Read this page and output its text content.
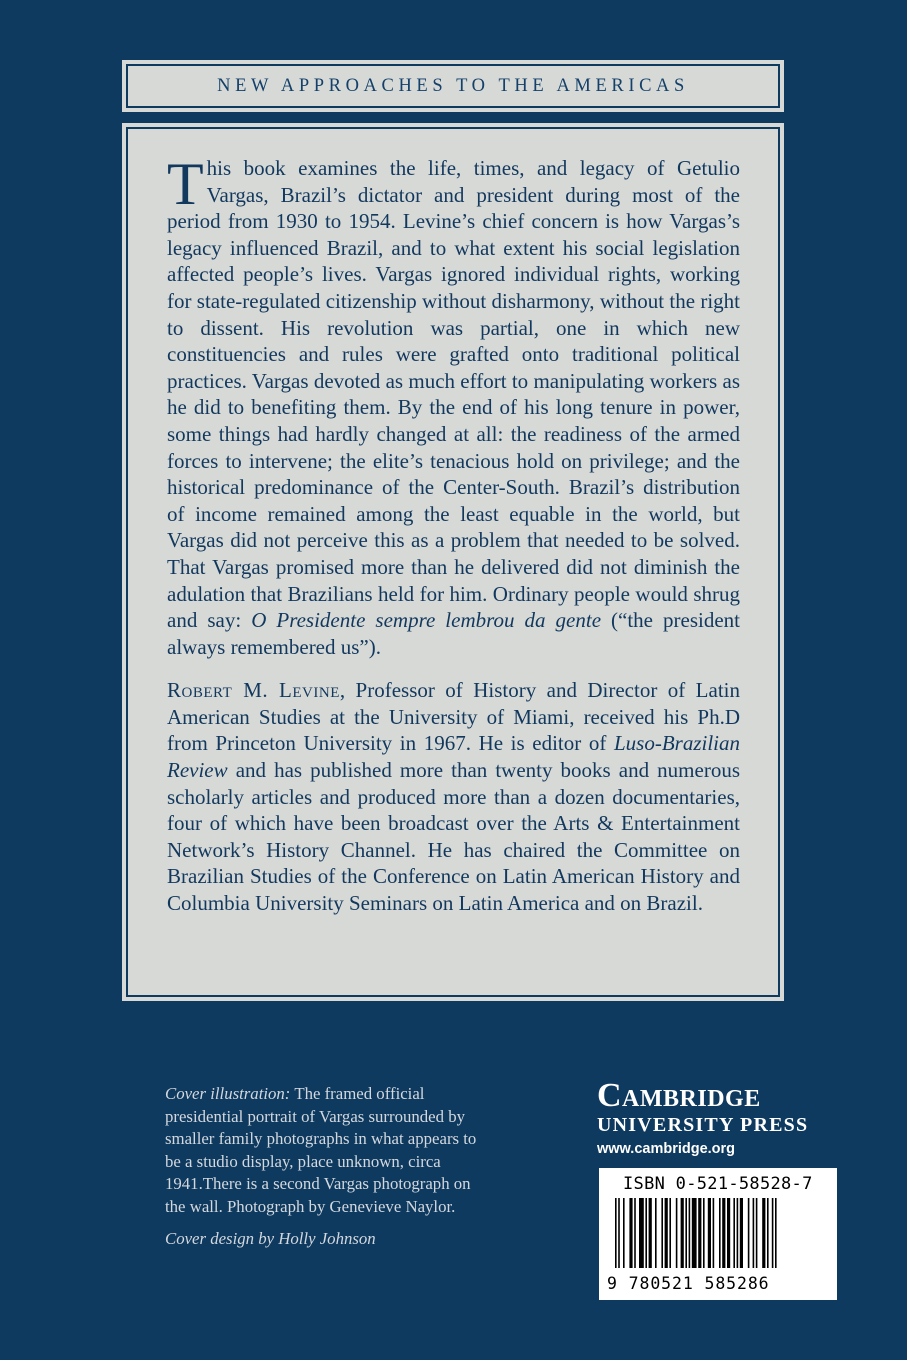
NEW APPROACHES TO THE AMERICAS

This book examines the life, times, and legacy of Getulio Vargas, Brazil’s dictator and president during most of the period from 1930 to 1954. Levine’s chief concern is how Vargas’s legacy influenced Brazil, and to what extent his social legislation affected people’s lives. Vargas ignored individual rights, working for state-regulated citizenship without disharmony, without the right to dissent. His revolution was partial, one in which new constituencies and rules were grafted onto traditional political practices. Vargas devoted as much effort to manipulating workers as he did to benefiting them. By the end of his long tenure in power, some things had hardly changed at all: the readiness of the armed forces to intervene; the elite’s tenacious hold on privilege; and the historical predominance of the Center-South. Brazil’s distribution of income remained among the least equable in the world, but Vargas did not perceive this as a problem that needed to be solved. That Vargas promised more than he delivered did not diminish the adulation that Brazilians held for him. Ordinary people would shrug and say: O Presidente sempre lembrou da gente (“the president always remembered us”).

Robert M. Levine, Professor of History and Director of Latin American Studies at the University of Miami, received his Ph.D from Princeton University in 1967. He is editor of Luso-Brazilian Review and has published more than twenty books and numerous scholarly articles and produced more than a dozen documentaries, four of which have been broadcast over the Arts & Entertainment Network’s History Channel. He has chaired the Committee on Brazilian Studies of the Conference on Latin American History and Columbia University Seminars on Latin America and on Brazil.

Cover illustration: The framed official presidential portrait of Vargas surrounded by smaller family photographs in what appears to be a studio display, place unknown, circa 1941.There is a second Vargas photograph on the wall. Photograph by Genevieve Naylor.

Cover design by Holly Johnson

Cambridge
UNIVERSITY PRESS
www.cambridge.org
ISBN 0-521-58528-7
9 780521 585286
